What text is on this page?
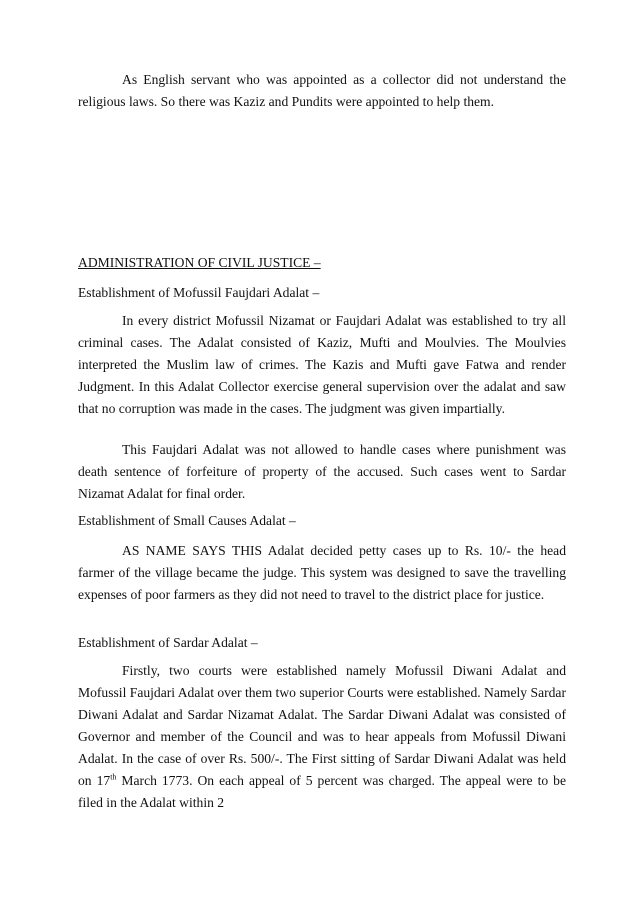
As English servant who was appointed as a collector did not understand the religious laws. So there was Kaziz and Pundits were appointed to help them.

ADMINISTRATION OF CIVIL JUSTICE –

Establishment of Mofussil Faujdari Adalat –

In every district Mofussil Nizamat or Faujdari Adalat was established to try all criminal cases. The Adalat consisted of Kaziz, Mufti and Moulvies. The Moulvies interpreted the Muslim law of crimes. The Kazis and Mufti gave Fatwa and render Judgment. In this Adalat Collector exercise general supervision over the adalat and saw that no corruption was made in the cases. The judgment was given impartially.

This Faujdari Adalat was not allowed to handle cases where punishment was death sentence of forfeiture of property of the accused. Such cases went to Sardar Nizamat Adalat for final order.

Establishment of Small Causes Adalat –

AS NAME SAYS THIS Adalat decided petty cases up to Rs. 10/- the head farmer of the village became the judge. This system was designed to save the travelling expenses of poor farmers as they did not need to travel to the district place for justice.

Establishment of Sardar Adalat –

Firstly, two courts were established namely Mofussil Diwani Adalat and Mofussil Faujdari Adalat over them two superior Courts were established. Namely Sardar Diwani Adalat and Sardar Nizamat Adalat. The Sardar Diwani Adalat was consisted of Governor and member of the Council and was to hear appeals from Mofussil Diwani Adalat. In the case of over Rs. 500/-. The First sitting of Sardar Diwani Adalat was held on 17th March 1773. On each appeal of 5 percent was charged. The appeal were to be filed in the Adalat within 2
